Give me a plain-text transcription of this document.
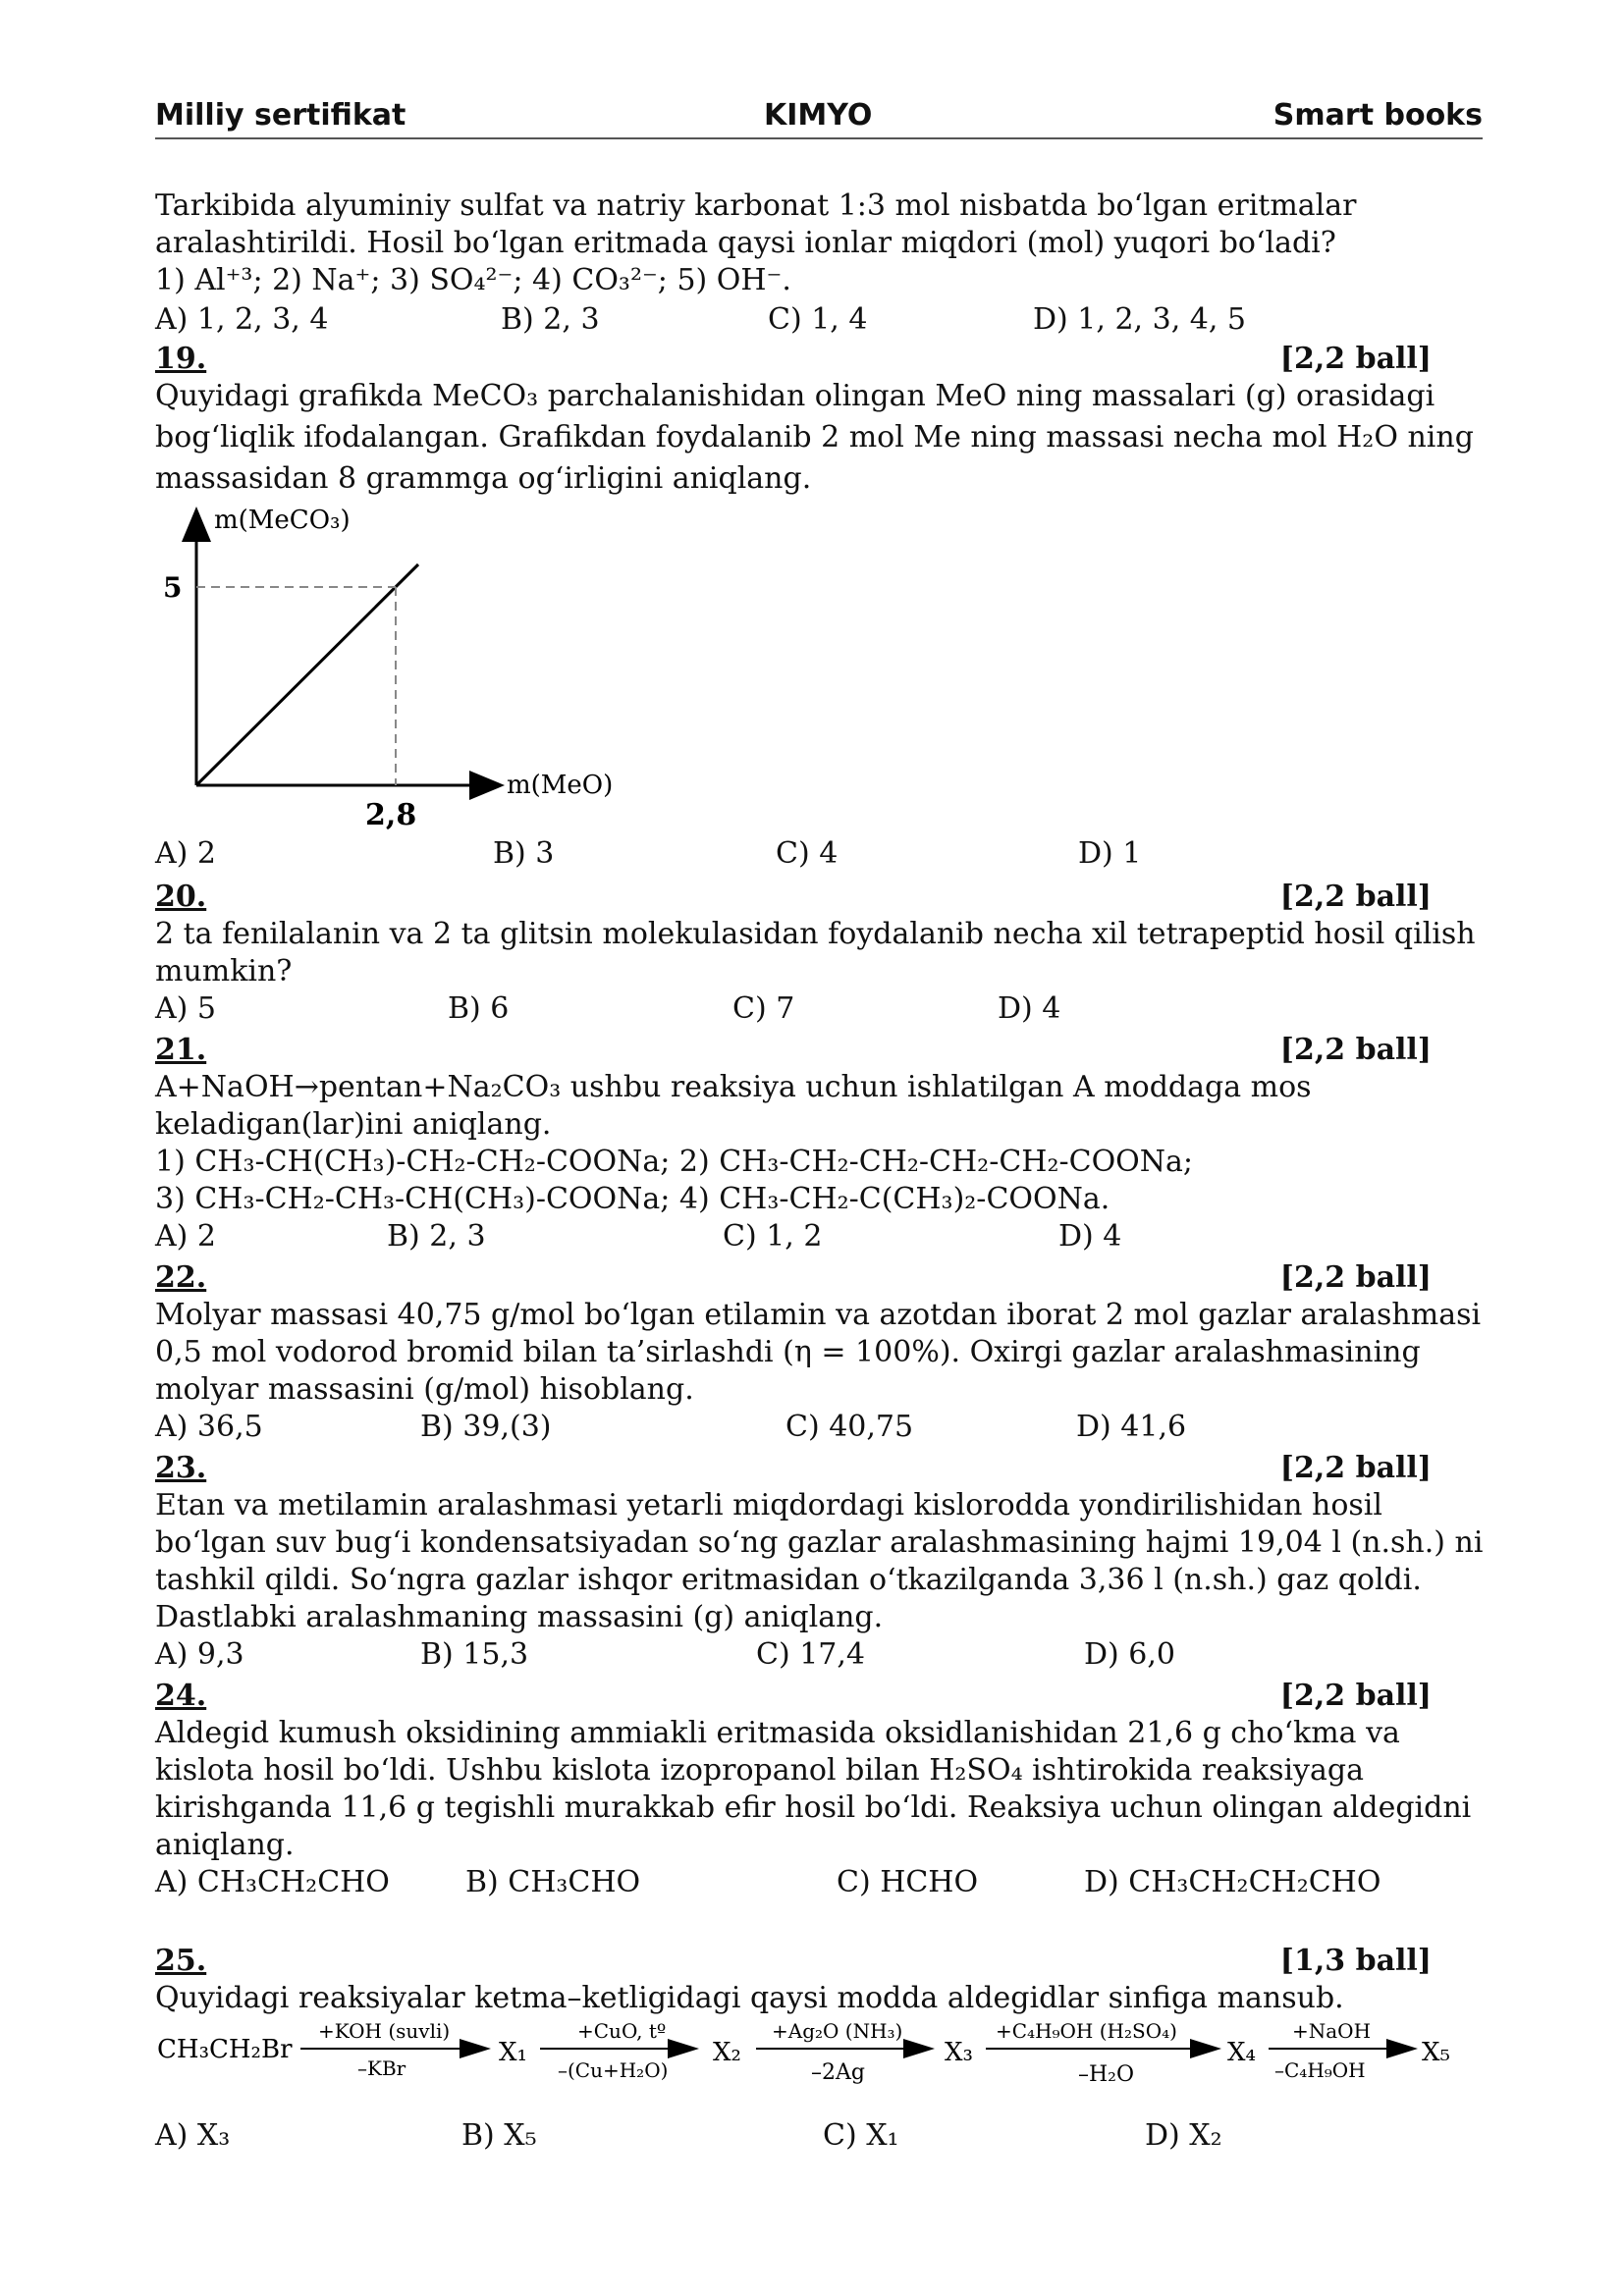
Milliy sertifikat	KIMYO	Smart books
Tarkibida alyuminiy sulfat va natriy karbonat 1:3 mol nisbatda bo‘lgan eritmalar
aralashtirildi. Hosil bo‘lgan eritmada qaysi ionlar miqdori (mol) yuqori bo‘ladi?
1) Al⁺³; 2) Na⁺; 3) SO₄²⁻; 4) CO₃²⁻; 5) OH⁻.
A) 1, 2, 3, 4	B) 2, 3	C) 1, 4	D) 1, 2, 3, 4, 5
19.	[2,2 ball]
Quyidagi grafikda MeCO₃ parchalanishidan olingan MeO ning massalari (g) orasidagi
bog‘liqlik ifodalangan. Grafikdan foydalanib 2 mol Me ning massasi necha mol H₂O ning
massasidan 8 grammga og‘irligini aniqlang.
m(MeCO₃)
m(MeO)
5
2,8
A) 2	B) 3	C) 4	D) 1
20.	[2,2 ball]
2 ta fenilalanin va 2 ta glitsin molekulasidan foydalanib necha xil tetrapeptid hosil qilish
mumkin?
A) 5	B) 6	C) 7	D) 4
21.	[2,2 ball]
A+NaOH→pentan+Na₂CO₃ ushbu reaksiya uchun ishlatilgan A moddaga mos
keladigan(lar)ini aniqlang.
1) CH₃-CH(CH₃)-CH₂-CH₂-COONa; 2) CH₃-CH₂-CH₂-CH₂-CH₂-COONa;
3) CH₃-CH₂-CH₃-CH(CH₃)-COONa; 4) CH₃-CH₂-C(CH₃)₂-COONa.
A) 2	B) 2, 3	C) 1, 2	D) 4
22.	[2,2 ball]
Molyar massasi 40,75 g/mol bo‘lgan etilamin va azotdan iborat 2 mol gazlar aralashmasi
0,5 mol vodorod bromid bilan ta’sirlashdi (η = 100%). Oxirgi gazlar aralashmasining
molyar massasini (g/mol) hisoblang.
A) 36,5	B) 39,(3)	C) 40,75	D) 41,6
23.	[2,2 ball]
Etan va metilamin aralashmasi yetarli miqdordagi kislorodda yondirilishidan hosil
bo‘lgan suv bug‘i kondensatsiyadan so‘ng gazlar aralashmasining hajmi 19,04 l (n.sh.) ni
tashkil qildi. So‘ngra gazlar ishqor eritmasidan o‘tkazilganda 3,36 l (n.sh.) gaz qoldi.
Dastlabki aralashmaning massasini (g) aniqlang.
A) 9,3	B) 15,3	C) 17,4	D) 6,0
24.	[2,2 ball]
Aldegid kumush oksidining ammiakli eritmasida oksidlanishidan 21,6 g cho‘kma va
kislota hosil bo‘ldi. Ushbu kislota izopropanol bilan H₂SO₄ ishtirokida reaksiyaga
kirishganda 11,6 g tegishli murakkab efir hosil bo‘ldi. Reaksiya uchun olingan aldegidni
aniqlang.
A) CH₃CH₂CHO	B) CH₃CHO	C) HCHO	D) CH₃CH₂CH₂CHO
25.	[1,3 ball]
Quyidagi reaksiyalar ketma–ketligidagi qaysi modda aldegidlar sinfiga mansub.
CH₃CH₂Br
+KOH (suvli)
–KBr
X₁
+CuO, tº
–(Cu+H₂O)
X₂
+Ag₂O (NH₃)
–2Ag
X₃
+C₄H₉OH (H₂SO₄)
–H₂O
X₄
+NaOH
–C₄H₉OH
X₅
A) X₃	B) X₅	C) X₁	D) X₂
